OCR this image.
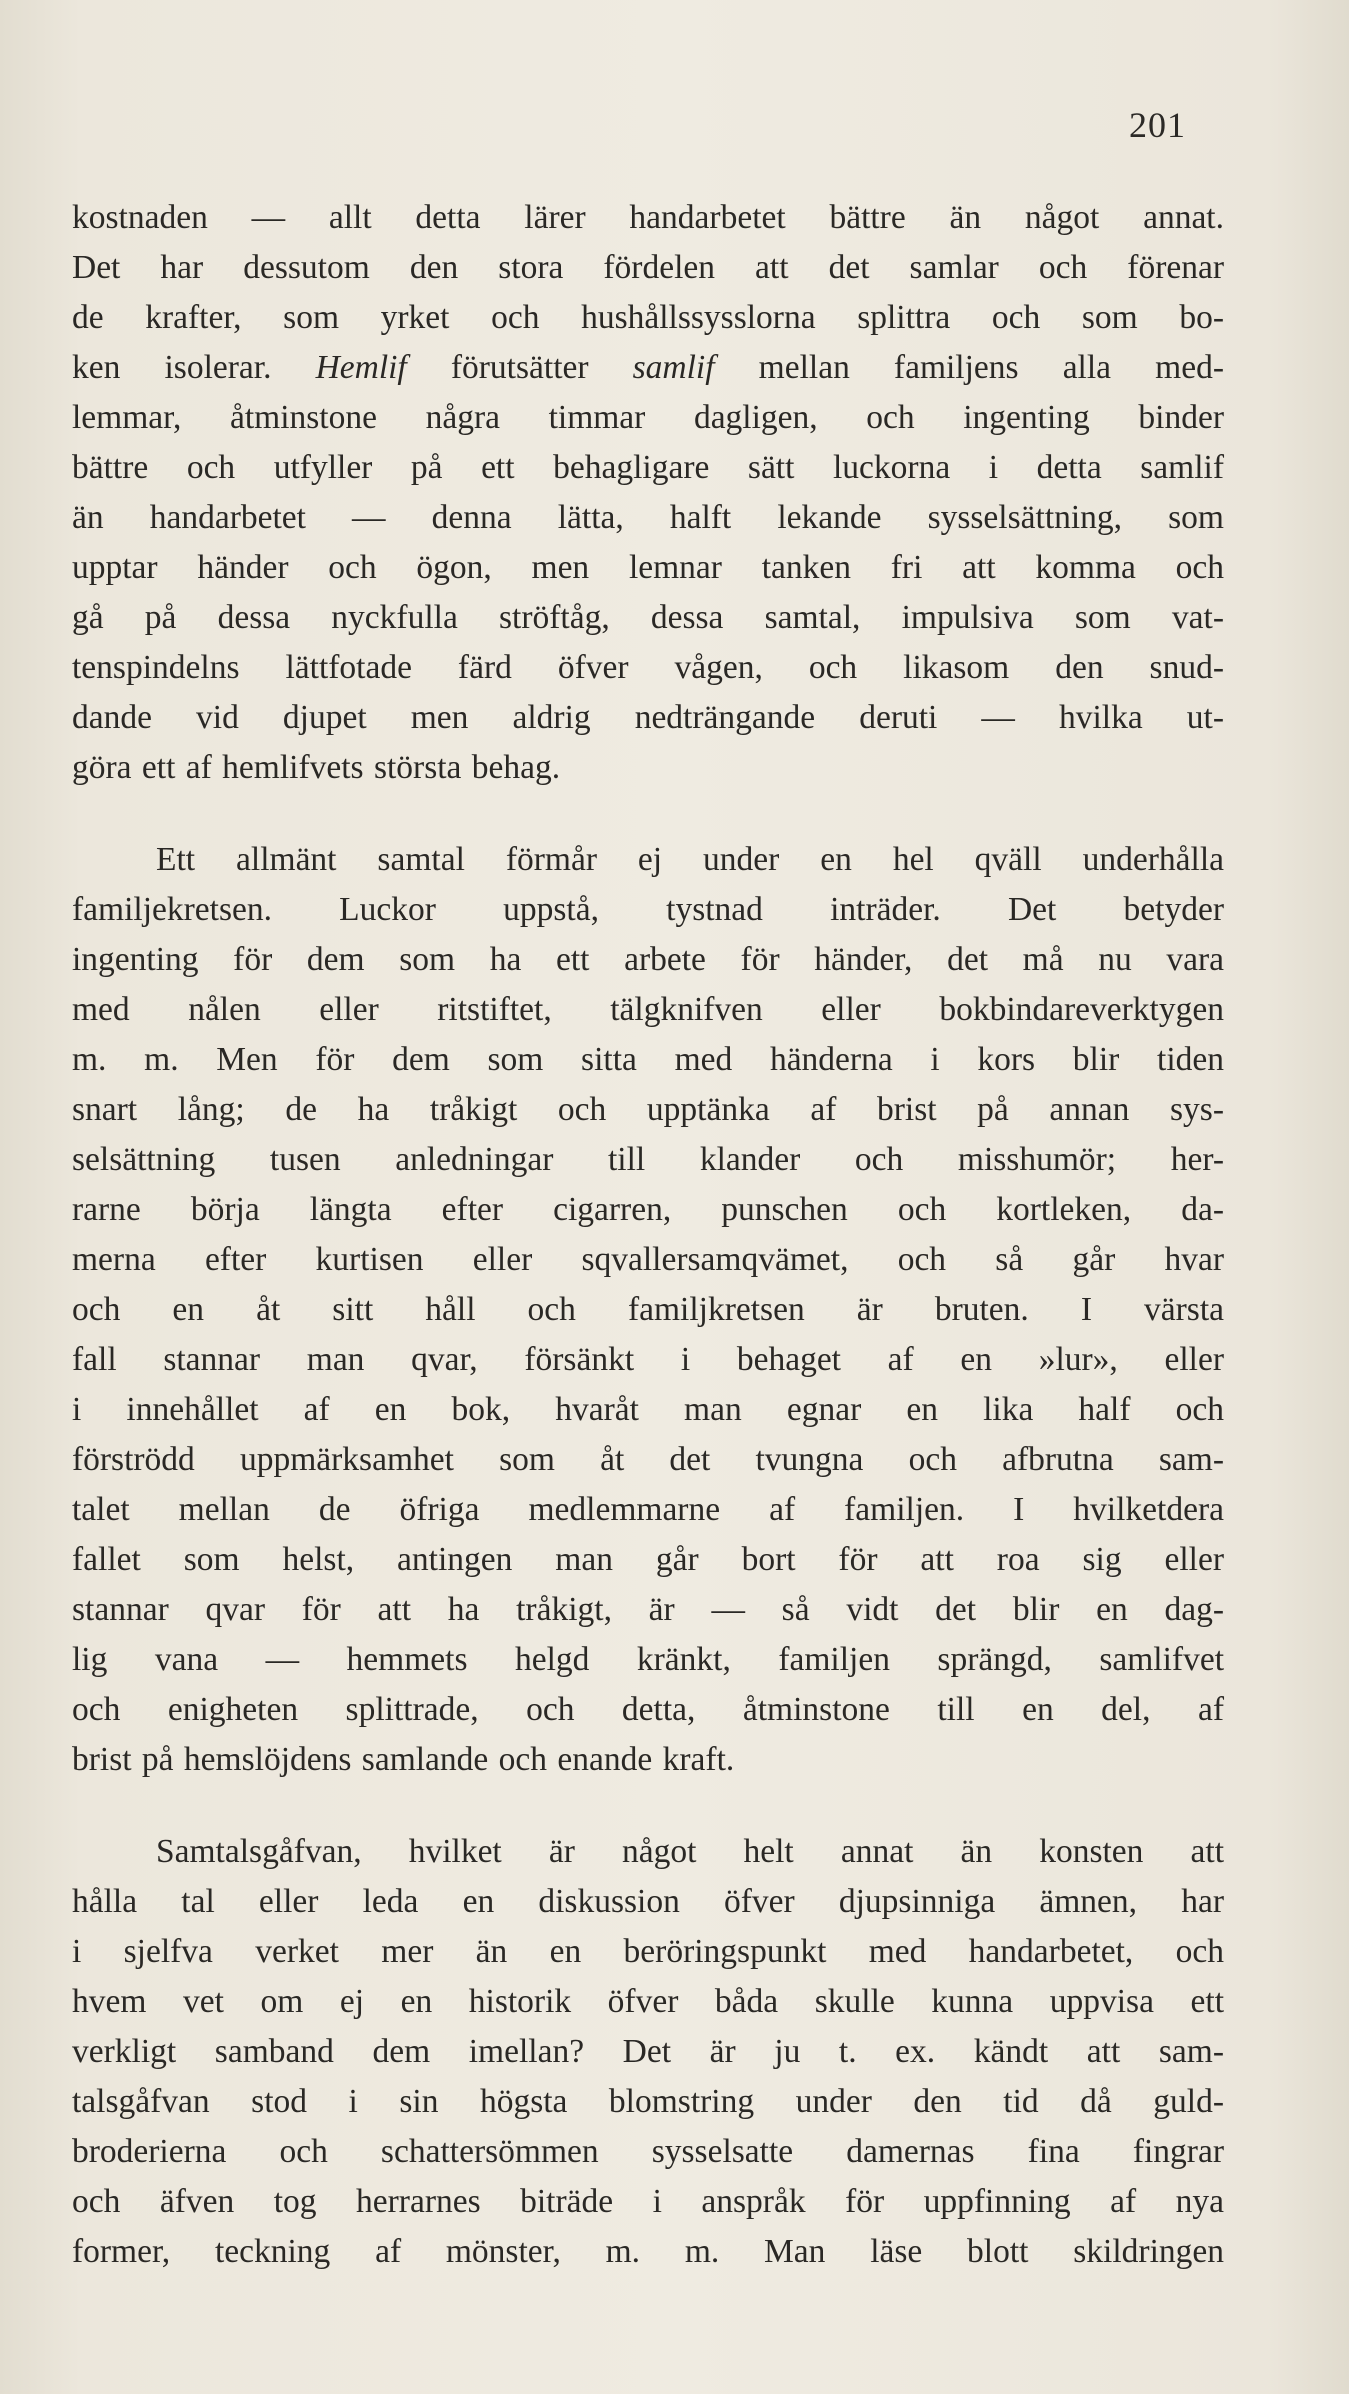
201
kostnaden — allt detta lärer handarbetet bättre än något annat.
Det har dessutom den stora fördelen att det samlar och förenar
de krafter, som yrket och hushållssysslorna splittra och som bo-
ken isolerar. Hemlif förutsätter samlif mellan familjens alla med-
lemmar, åtminstone några timmar dagligen, och ingenting binder
bättre och utfyller på ett behagligare sätt luckorna i detta samlif
än handarbetet — denna lätta, halft lekande sysselsättning, som
upptar händer och ögon, men lemnar tanken fri att komma och
gå på dessa nyckfulla ströftåg, dessa samtal, impulsiva som vat-
tenspindelns lättfotade färd öfver vågen, och likasom den snud-
dande vid djupet men aldrig nedträngande deruti — hvilka ut-
göra ett af hemlifvets största behag.
Ett allmänt samtal förmår ej under en hel qväll underhålla
familjekretsen. Luckor uppstå, tystnad inträder. Det betyder
ingenting för dem som ha ett arbete för händer, det må nu vara
med nålen eller ritstiftet, tälgknifven eller bokbindareverktygen
m. m. Men för dem som sitta med händerna i kors blir tiden
snart lång; de ha tråkigt och upptänka af brist på annan sys-
selsättning tusen anledningar till klander och misshumör; her-
rarne börja längta efter cigarren, punschen och kortleken, da-
merna efter kurtisen eller sqvallersamqvämet, och så går hvar
och en åt sitt håll och familjkretsen är bruten. I värsta
fall stannar man qvar, försänkt i behaget af en »lur», eller
i innehållet af en bok, hvaråt man egnar en lika half och
förströdd uppmärksamhet som åt det tvungna och afbrutna sam-
talet mellan de öfriga medlemmarne af familjen. I hvilketdera
fallet som helst, antingen man går bort för att roa sig eller
stannar qvar för att ha tråkigt, är — så vidt det blir en dag-
lig vana — hemmets helgd kränkt, familjen sprängd, samlifvet
och enigheten splittrade, och detta, åtminstone till en del, af
brist på hemslöjdens samlande och enande kraft.
Samtalsgåfvan, hvilket är något helt annat än konsten att
hålla tal eller leda en diskussion öfver djupsinniga ämnen, har
i sjelfva verket mer än en beröringspunkt med handarbetet, och
hvem vet om ej en historik öfver båda skulle kunna uppvisa ett
verkligt samband dem imellan? Det är ju t. ex. kändt att sam-
talsgåfvan stod i sin högsta blomstring under den tid då guld-
broderierna och schattersömmen sysselsatte damernas fina fingrar
och äfven tog herrarnes biträde i anspråk för uppfinning af nya
former, teckning af mönster, m. m. Man läse blott skildringen
